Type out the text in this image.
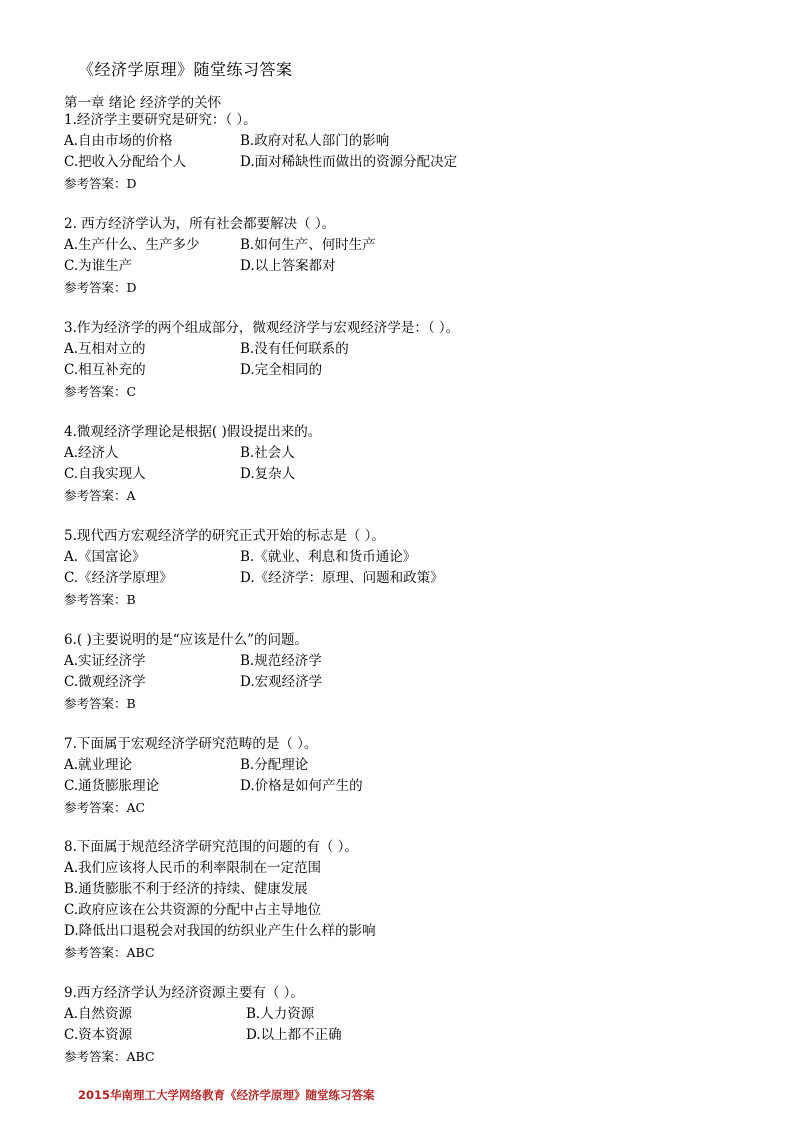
《经济学原理》随堂练习答案
第一章 绪论 经济学的关怀
1.经济学主要研究是研究：（ ）。
A.自由市场的价格	B.政府对私人部门的影响
C.把收入分配给个人	D.面对稀缺性而做出的资源分配决定
参考答案：D
2. 西方经济学认为，所有社会都要解决（ ）。
A.生产什么、生产多少	B.如何生产、何时生产
C.为谁生产	D.以上答案都对
参考答案：D
3.作为经济学的两个组成部分，微观经济学与宏观经济学是：（ ）。
A.互相对立的	B.没有任何联系的
C.相互补充的	D.完全相同的
参考答案：C
4.微观经济学理论是根据( )假设提出来的。
A.经济人	B.社会人
C.自我实现人	D.复杂人
参考答案：A
5.现代西方宏观经济学的研究正式开始的标志是（ ）。
A.《国富论》	B.《就业、利息和货币通论》
C.《经济学原理》	D.《经济学：原理、问题和政策》
参考答案：B
6.( )主要说明的是“应该是什么”的问题。
A.实证经济学	B.规范经济学
C.微观经济学	D.宏观经济学
参考答案：B
7.下面属于宏观经济学研究范畴的是（ ）。
A.就业理论	B.分配理论
C.通货膨胀理论	D.价格是如何产生的
参考答案：AC
8.下面属于规范经济学研究范围的问题的有（ ）。
A.我们应该将人民币的利率限制在一定范围
B.通货膨胀不利于经济的持续、健康发展
C.政府应该在公共资源的分配中占主导地位
D.降低出口退税会对我国的纺织业产生什么样的影响
参考答案：ABC
9.西方经济学认为经济资源主要有（ ）。
A.自然资源	B.人力资源
C.资本资源	D.以上都不正确
参考答案：ABC
2015华南理工大学网络教育《经济学原理》随堂练习答案
